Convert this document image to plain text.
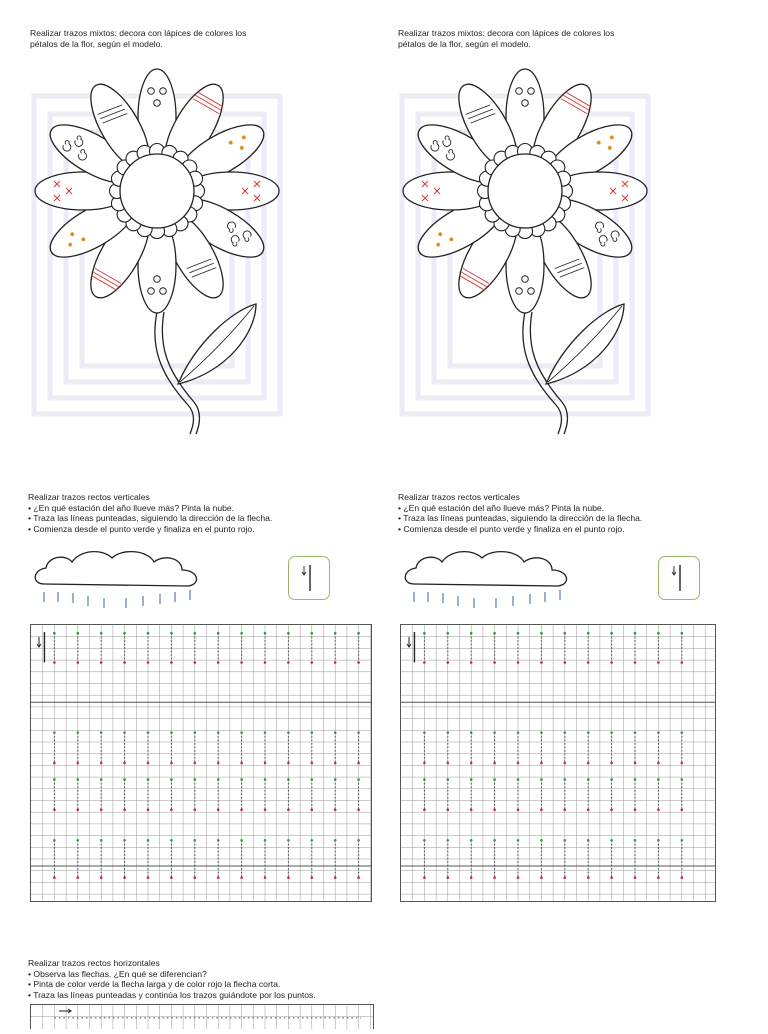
Realizar trazos mixtos: decora con lápices de colores los
pétalos de la flor, según el modelo.
Realizar trazos rectos verticales
• ¿En qué estación del año llueve más? Pinta la nube.
• Traza las líneas punteadas, siguiendo la dirección de la flecha.
• Comienza desde el punto verde y finaliza en el punto rojo.
Realizar trazos rectos horizontales
• Observa las flechas. ¿En qué se diferencian?
• Pinta de color verde la flecha larga y de color rojo la flecha corta.
• Traza las líneas punteadas y continúa los trazos guiándote por los puntos.
Realizar trazos mixtos: decora con lápices de colores los
pétalos de la flor, según el modelo.
Realizar trazos rectos verticales
• ¿En qué estación del año llueve más? Pinta la nube.
• Traza las líneas punteadas, siguiendo la dirección de la flecha.
• Comienza desde el punto verde y finaliza en el punto rojo.
